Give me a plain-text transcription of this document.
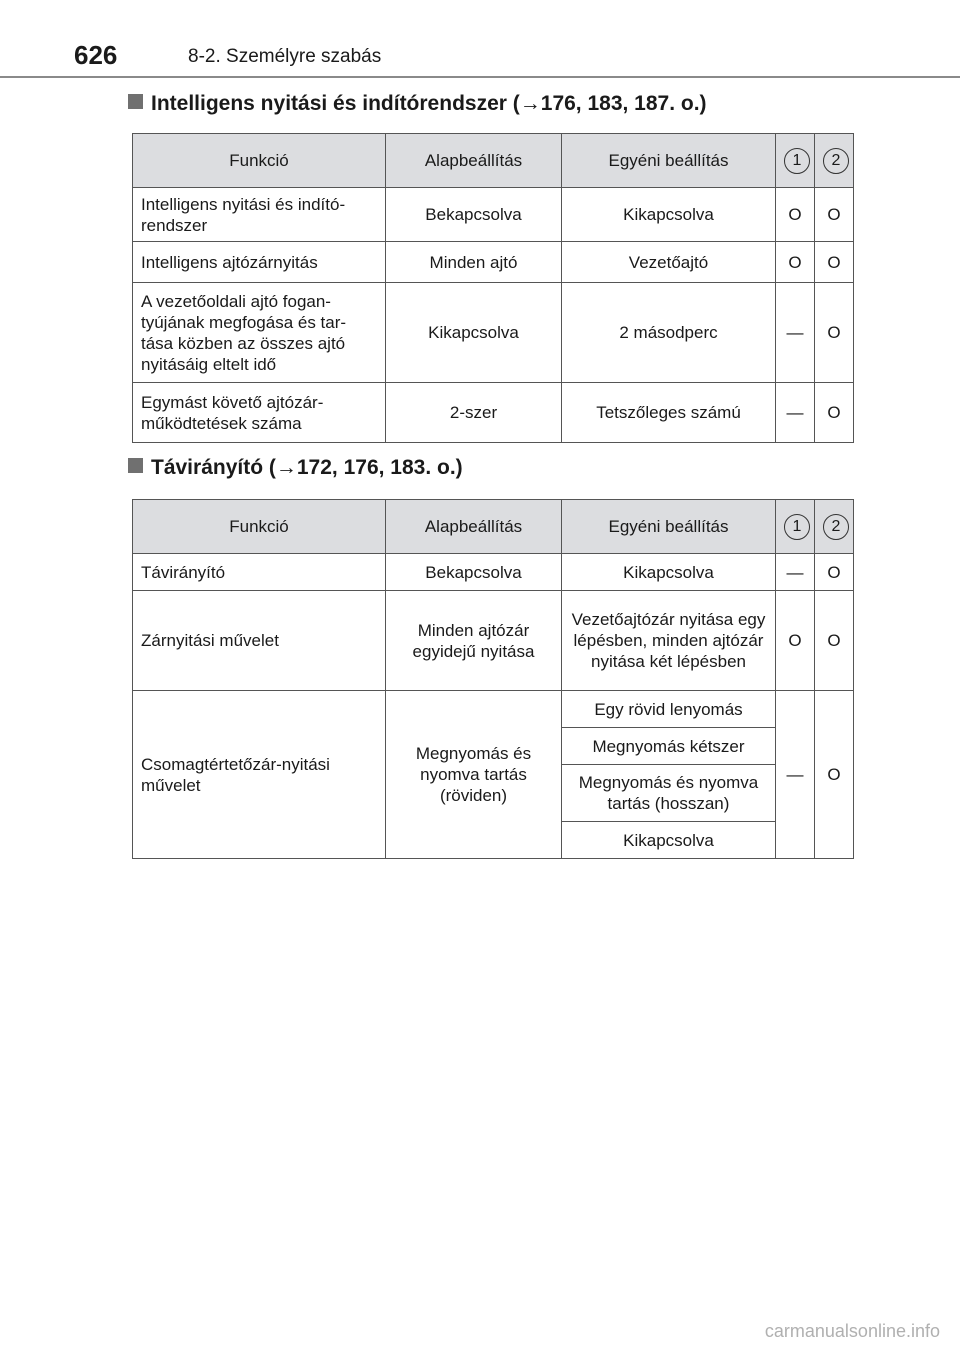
626	8-2. Személyre szabás
Intelligens nyitási és indítórendszer (→176, 183, 187. o.)
Funkció	Alapbeállítás	Egyéni beállítás	1	2
Intelligens nyitási és indító-rendszer	Bekapcsolva	Kikapcsolva	O	O
Intelligens ajtózárnyitás	Minden ajtó	Vezetőajtó	O	O
A vezetőoldali ajtó fogan-tyújának megfogása és tar-tása közben az összes ajtó nyitásáig eltelt idő	Kikapcsolva	2 másodperc	—	O
Egymást követő ajtózár-működtetések száma	2-szer	Tetszőleges számú	—	O
Távirányító (→172, 176, 183. o.)
Funkció	Alapbeállítás	Egyéni beállítás	1	2
Távirányító	Bekapcsolva	Kikapcsolva	—	O
Zárnyitási művelet	Minden ajtózár egyidejű nyitása	Vezetőajtózár nyitása egy lépésben, minden ajtózár nyitása két lépésben	O	O
Csomagtértetőzár-nyitási művelet	Megnyomás és nyomva tartás (röviden)	Egy rövid lenyomás	—	O
		Megnyomás kétszer		
		Megnyomás és nyomva tartás (hosszan)		
		Kikapcsolva		
carmanualsonline.info
